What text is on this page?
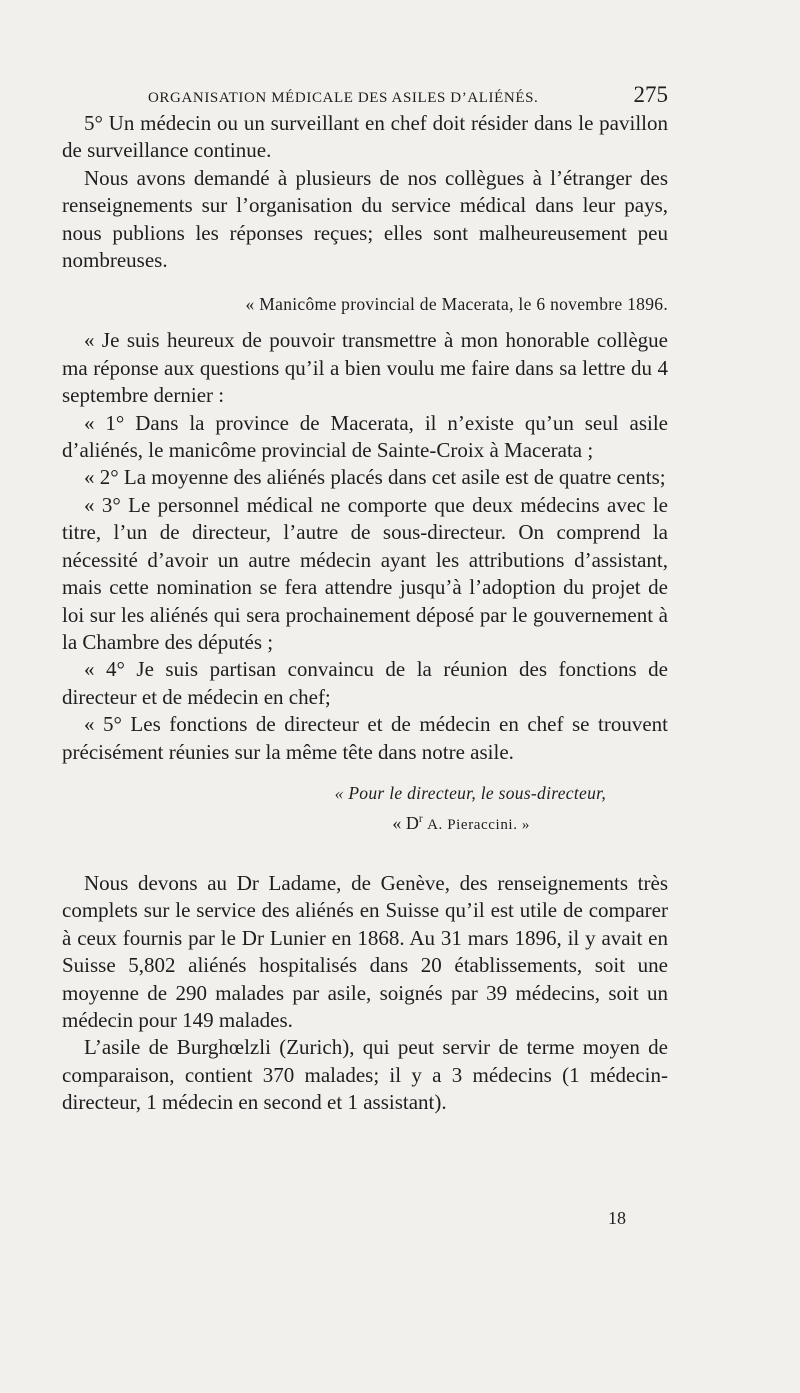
ORGANISATION MÉDICALE DES ASILES D’ALIÉNÉS.	275

5° Un médecin ou un surveillant en chef doit résider dans le pavillon de surveillance continue.

Nous avons demandé à plusieurs de nos collègues à l’étranger des renseignements sur l’organisation du service médical dans leur pays, nous publions les réponses reçues; elles sont malheureusement peu nombreuses.

« Manicôme provincial de Macerata, le 6 novembre 1896.

« Je suis heureux de pouvoir transmettre à mon honorable collègue ma réponse aux questions qu’il a bien voulu me faire dans sa lettre du 4 septembre dernier :

« 1° Dans la province de Macerata, il n’existe qu’un seul asile d’aliénés, le manicôme provincial de Sainte-Croix à Macerata ;

« 2° La moyenne des aliénés placés dans cet asile est de quatre cents;

« 3° Le personnel médical ne comporte que deux médecins avec le titre, l’un de directeur, l’autre de sous-directeur. On comprend la nécessité d’avoir un autre médecin ayant les attributions d’assistant, mais cette nomination se fera attendre jusqu’à l’adoption du projet de loi sur les aliénés qui sera prochainement déposé par le gouvernement à la Chambre des députés ;

« 4° Je suis partisan convaincu de la réunion des fonctions de directeur et de médecin en chef;

« 5° Les fonctions de directeur et de médecin en chef se trouvent précisément réunies sur la même tête dans notre asile.

« Pour le directeur, le sous-directeur,

« $D^r$ A. Pieraccini. »

Nous devons au Dr Ladame, de Genève, des renseignements très complets sur le service des aliénés en Suisse qu’il est utile de comparer à ceux fournis par le Dr Lunier en 1868. Au 31 mars 1896, il y avait en Suisse 5,802 aliénés hospitalisés dans 20 établissements, soit une moyenne de 290 malades par asile, soignés par 39 médecins, soit un médecin pour 149 malades.

L’asile de Burghœlzli (Zurich), qui peut servir de terme moyen de comparaison, contient 370 malades; il y a 3 médecins (1 médecin-directeur, 1 médecin en second et 1 assistant).

18
